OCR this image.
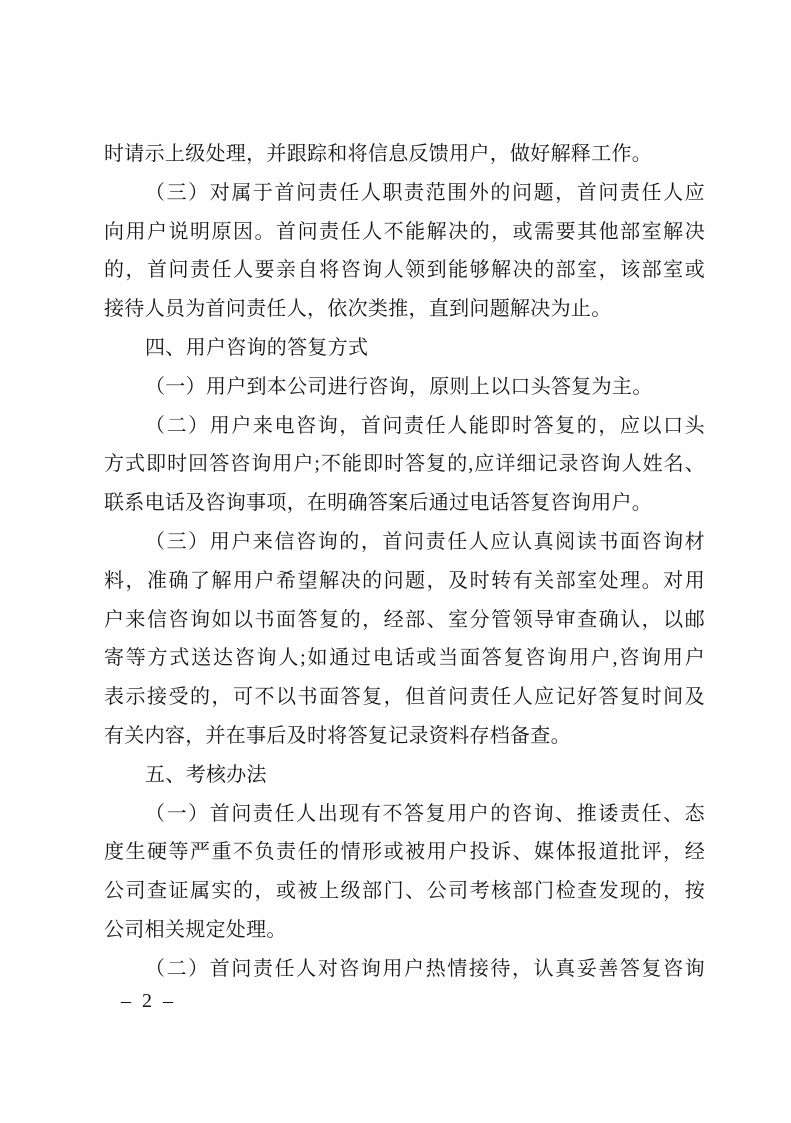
时请示上级处理，并跟踪和将信息反馈用户，做好解释工作。
（三）对属于首问责任人职责范围外的问题，首问责任人应
向用户说明原因。首问责任人不能解决的，或需要其他部室解决
的，首问责任人要亲自将咨询人领到能够解决的部室，该部室或
接待人员为首问责任人，依次类推，直到问题解决为止。
四、用户咨询的答复方式
（一）用户到本公司进行咨询，原则上以口头答复为主。
（二）用户来电咨询，首问责任人能即时答复的，应以口头
方式即时回答咨询用户;不能即时答复的,应详细记录咨询人姓名、
联系电话及咨询事项，在明确答案后通过电话答复咨询用户。
（三）用户来信咨询的，首问责任人应认真阅读书面咨询材
料，准确了解用户希望解决的问题，及时转有关部室处理。对用
户来信咨询如以书面答复的，经部、室分管领导审查确认，以邮
寄等方式送达咨询人;如通过电话或当面答复咨询用户,咨询用户
表示接受的，可不以书面答复，但首问责任人应记好答复时间及
有关内容，并在事后及时将答复记录资料存档备查。
五、考核办法
（一）首问责任人出现有不答复用户的咨询、推诿责任、态
度生硬等严重不负责任的情形或被用户投诉、媒体报道批评，经
公司查证属实的，或被上级部门、公司考核部门检查发现的，按
公司相关规定处理。
（二）首问责任人对咨询用户热情接待，认真妥善答复咨询
– 2 –
